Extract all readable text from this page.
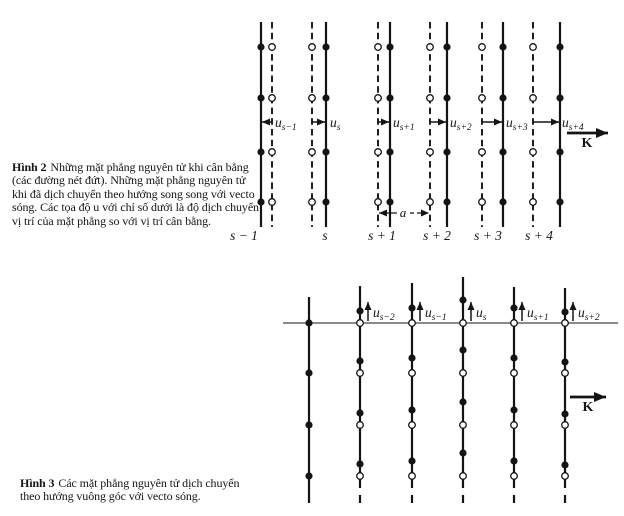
$u_{s-1}$
s − 1
$u_s$
s
$u_{s+1}$
s + 1
$u_{s+2}$
s + 2
$u_{s+3}$
s + 3
$u_{s+4}$
s + 4
a
K
$u_{s-2}$ $u_{s-1}$ $u_s$	$u_{s+1}$ $u_{s+2}$
K
Hình 2 Những mặt phẳng nguyên tử khi cân bằng
(các đường nét đứt). Những mặt phẳng nguyên tử
khi đã dịch chuyển theo hướng song song với vecto
sóng. Các tọa độ u với chỉ số dưới là độ dịch chuyển
vị trí của mặt phẳng so với vị trí cân bằng.
Hình 3 Các mặt phẳng nguyên tử dịch chuyển
theo hướng vuông góc với vecto sóng.
